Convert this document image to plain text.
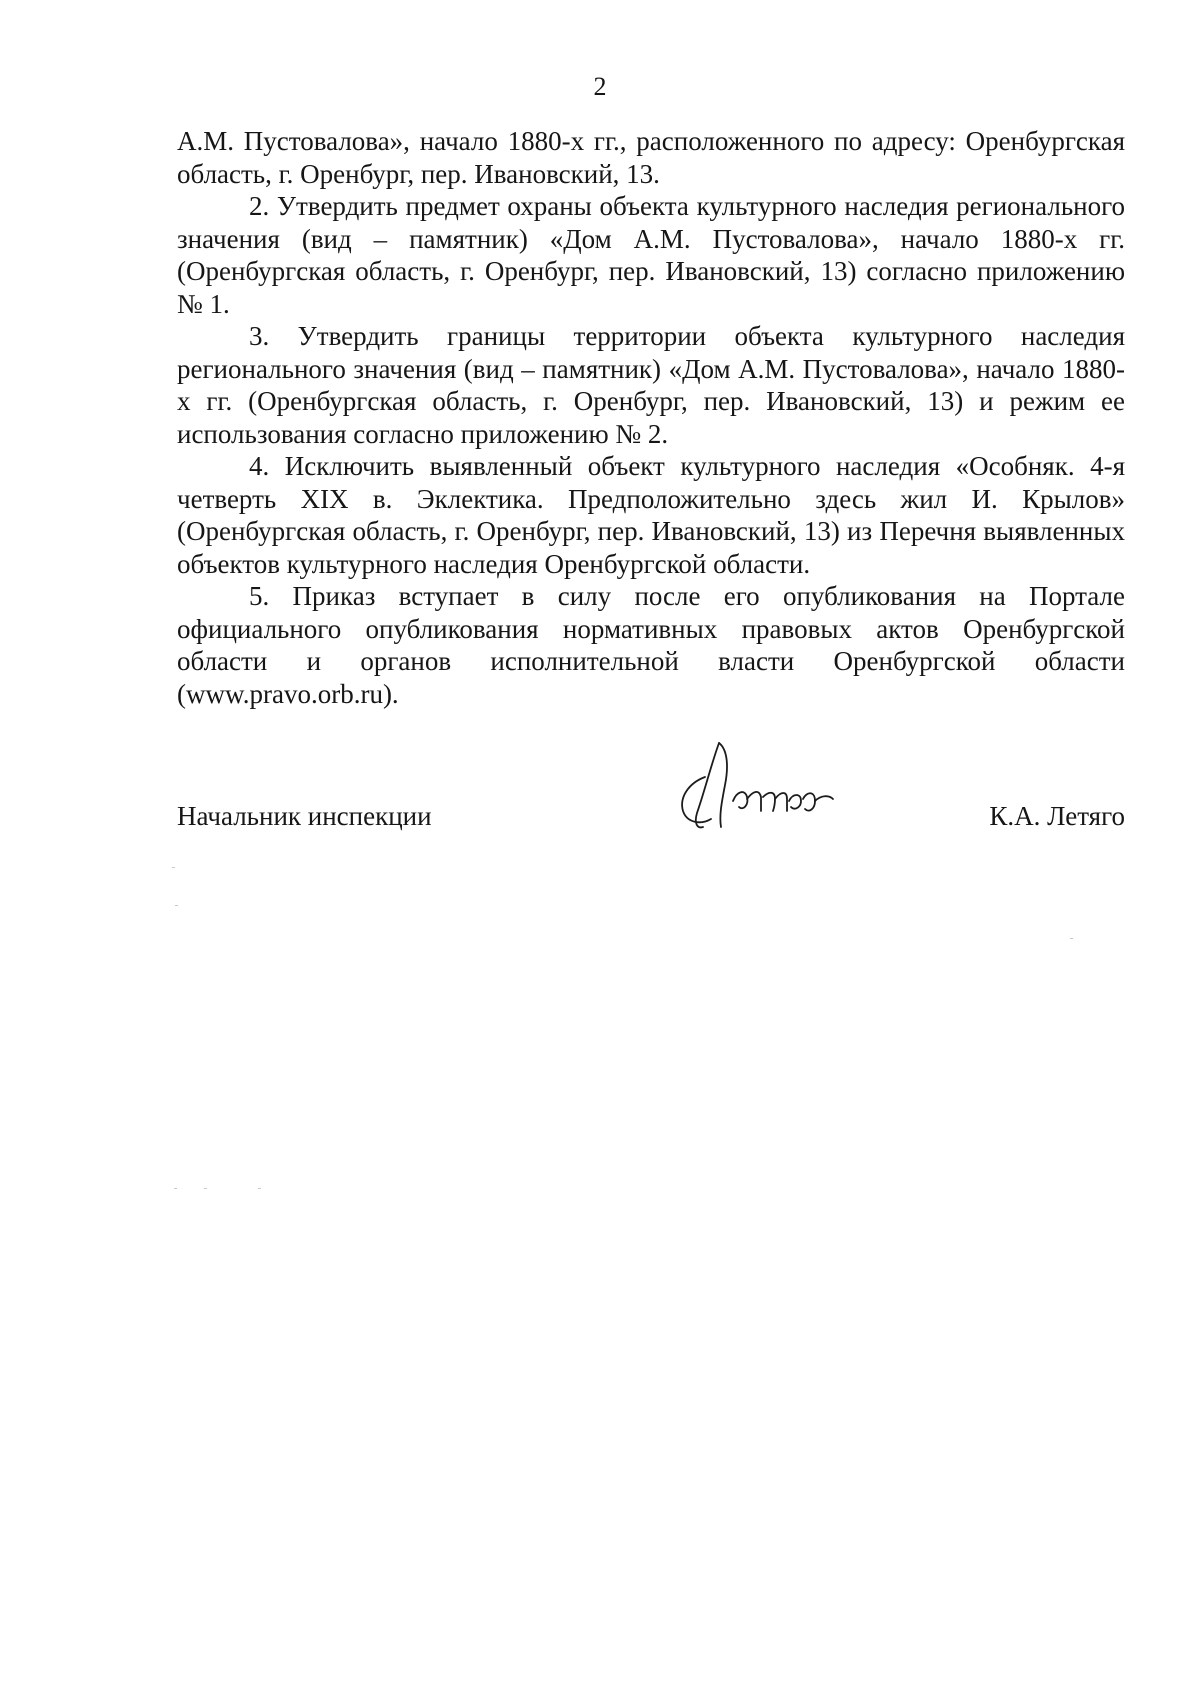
2

А.М. Пустовалова», начало 1880-х гг., расположенного по адресу: Оренбургская область, г. Оренбург, пер. Ивановский, 13.

2. Утвердить предмет охраны объекта культурного наследия регионального значения (вид – памятник) «Дом А.М. Пустовалова», начало 1880-х гг. (Оренбургская область, г. Оренбург, пер. Ивановский, 13) согласно приложению № 1.

3. Утвердить границы территории объекта культурного наследия регионального значения (вид – памятник) «Дом А.М. Пустовалова», начало 1880-х гг. (Оренбургская область, г. Оренбург, пер. Ивановский, 13) и режим ее использования согласно приложению № 2.

4. Исключить выявленный объект культурного наследия «Особняк. 4-я четверть XIX в. Эклектика. Предположительно здесь жил И. Крылов» (Оренбургская область, г. Оренбург, пер. Ивановский, 13) из Перечня выявленных объектов культурного наследия Оренбургской области.

5. Приказ вступает в силу после его опубликования на Портале официального опубликования нормативных правовых актов Оренбургской области и органов исполнительной власти Оренбургской области (www.pravo.orb.ru).

Начальник инспекции	К.А. Летяго
